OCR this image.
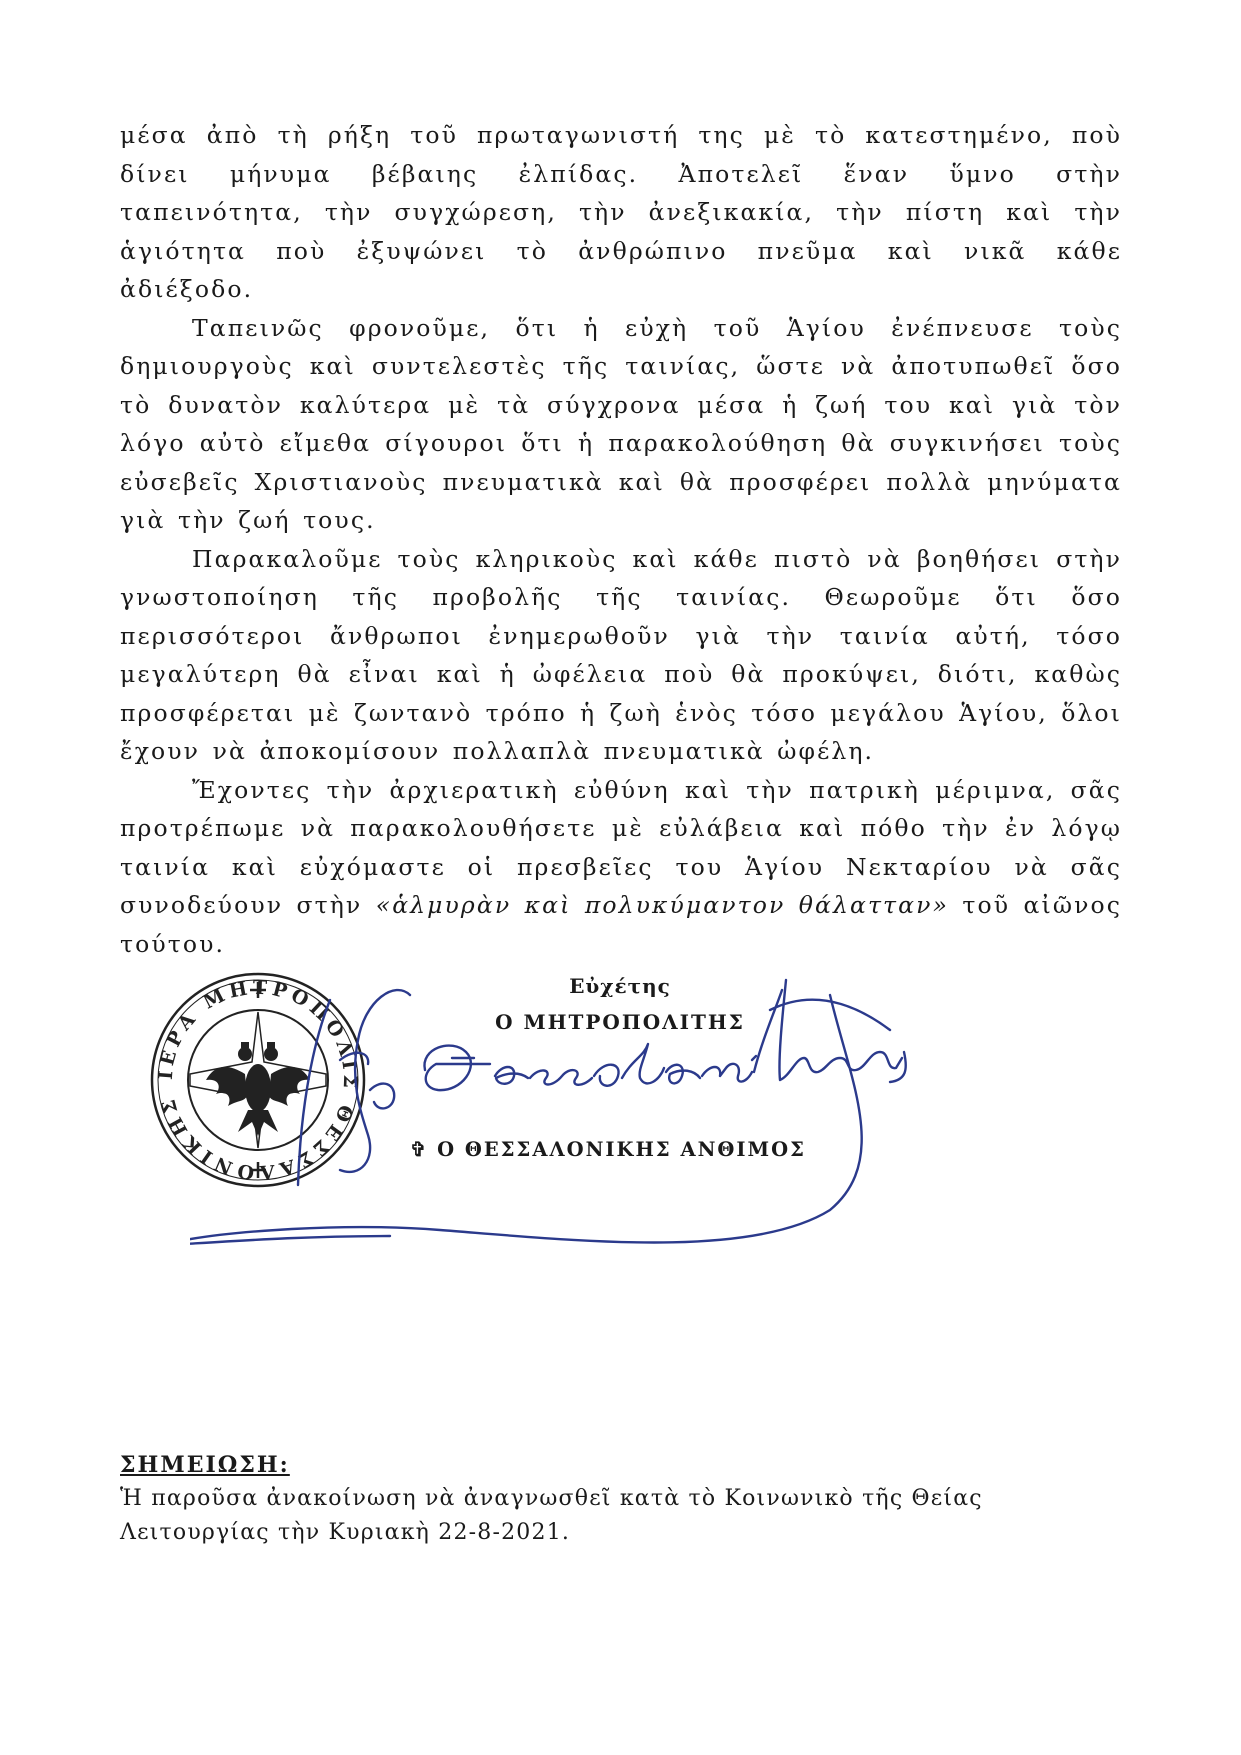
μέσα ἀπὸ τὴ ρήξη τοῦ πρωταγωνιστή της μὲ τὸ κατεστημένο, ποὺ δίνει μήνυμα βέβαιης ἐλπίδας. Ἀποτελεῖ ἕναν ὕμνο στὴν ταπεινότητα, τὴν συγχώρεση, τὴν ἀνεξικακία, τὴν πίστη καὶ τὴν ἁγιότητα ποὺ ἐξυψώνει τὸ ἀνθρώπινο πνεῦμα καὶ νικᾶ κάθε ἀδιέξοδο.

Ταπεινῶς φρονοῦμε, ὅτι ἡ εὐχὴ τοῦ Ἁγίου ἐνέπνευσε τοὺς δημιουργοὺς καὶ συντελεστὲς τῆς ταινίας, ὥστε νὰ ἀποτυπωθεῖ ὅσο τὸ δυνατὸν καλύτερα μὲ τὰ σύγχρονα μέσα ἡ ζωή του καὶ γιὰ τὸν λόγο αὐτὸ εἴμεθα σίγουροι ὅτι ἡ παρακολούθηση θὰ συγκινήσει τοὺς εὐσεβεῖς Χριστιανοὺς πνευματικὰ καὶ θὰ προσφέρει πολλὰ μηνύματα γιὰ τὴν ζωή τους.

Παρακαλοῦμε τοὺς κληρικοὺς καὶ κάθε πιστὸ νὰ βοηθήσει στὴν γνωστοποίηση τῆς προβολῆς τῆς ταινίας. Θεωροῦμε ὅτι ὅσο περισσότεροι ἄνθρωποι ἐνημερωθοῦν γιὰ τὴν ταινία αὐτή, τόσο μεγαλύτερη θὰ εἶναι καὶ ἡ ὠφέλεια ποὺ θὰ προκύψει, διότι, καθὼς προσφέρεται μὲ ζωντανὸ τρόπο ἡ ζωὴ ἑνὸς τόσο μεγάλου Ἁγίου, ὅλοι ἔχουν νὰ ἀποκομίσουν πολλαπλὰ πνευματικὰ ὠφέλη.

Ἔχοντες τὴν ἀρχιερατικὴ εὐθύνη καὶ τὴν πατρικὴ μέριμνα, σᾶς προτρέπωμε νὰ παρακολουθήσετε μὲ εὐλάβεια καὶ πόθο τὴν ἐν λόγῳ ταινία καὶ εὐχόμαστε οἱ πρεσβεῖες του Ἁγίου Νεκταρίου νὰ σᾶς συνοδεύουν στὴν «ἁλμυρὰν καὶ πολυκύμαντον θάλατταν» τοῦ αἰῶνος τούτου.

ΙΕΡΑ ΜΗΤΡΟΠΟΛΙΣ ΘΕΣΣΑΛΟΝΙΚΗΣ
Εὐχέτης
Ο ΜΗΤΡΟΠΟΛΙΤΗΣ
✞ Ο ΘΕΣΣΑΛΟΝΙΚΗΣ ΑΝΘΙΜΟΣ
ΣΗΜΕΙΩΣΗ:
Ἡ παροῦσα ἀνακοίνωση νὰ ἀναγνωσθεῖ κατὰ τὸ Κοινωνικὸ τῆς Θείας Λειτουργίας τὴν Κυριακὴ 22-8-2021.
